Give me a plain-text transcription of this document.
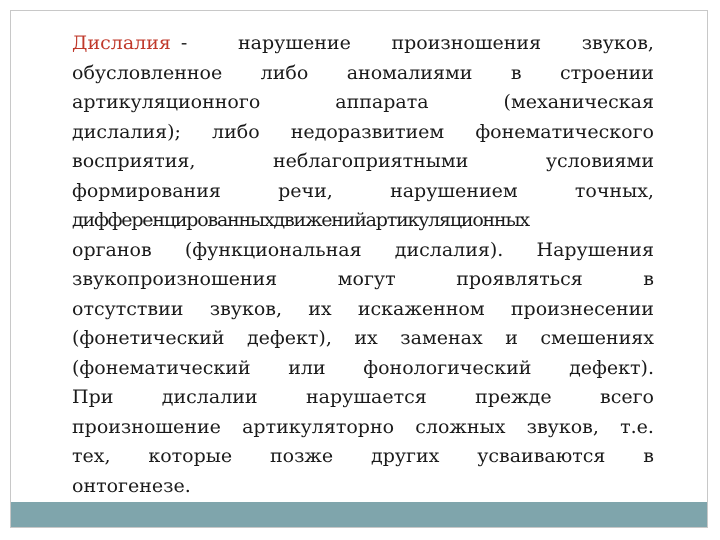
Дислалия -	нарушение произношения звуков,
обусловленное либо аномалиями в строении
артикуляционного	аппарата	(механическая
дислалия); либо недоразвитием фонематического
восприятия,	неблагоприятными	условиями
формирования	речи,	нарушением	точных,
дифференцированныхдвиженийартикуляционных
органов (функциональная дислалия). Нарушения
звукопроизношения	могут	проявляться	в
отсутствии звуков, их искаженном произнесении
(фонетический дефект), их заменах и смешениях
(фонематический или фонологический дефект).
При	дислалии	нарушается	прежде	всего
произношение артикуляторно сложных звуков, т.е.
тех, которые позже других усваиваются в
онтогенезе.
